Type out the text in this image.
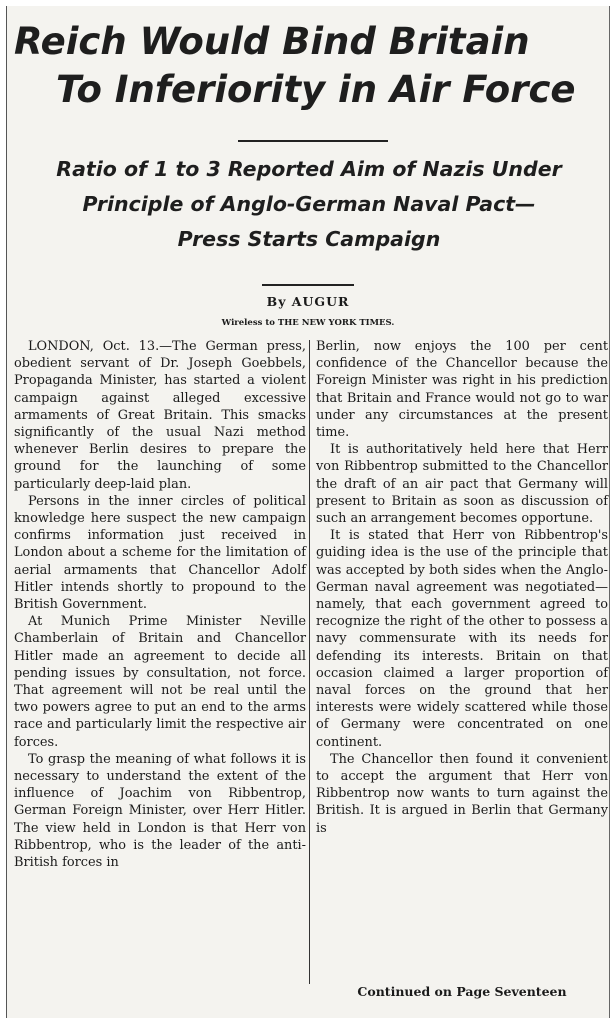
Reich Would Bind Britain
To Inferiority in Air Force
Ratio of 1 to 3 Reported Aim of Nazis Under
Principle of Anglo-German Naval Pact—
Press Starts Campaign
By AUGUR
Wireless to THE NEW YORK TIMES.

LONDON, Oct. 13.—The German press, obedient servant of Dr. Joseph Goebbels, Propaganda Minister, has started a violent campaign against alleged excessive armaments of Great Britain. This smacks significantly of the usual Nazi method whenever Berlin desires to prepare the ground for the launching of some particularly deep-laid plan.

Persons in the inner circles of political knowledge here suspect the new campaign confirms information just received in London about a scheme for the limitation of aerial armaments that Chancellor Adolf Hitler intends shortly to propound to the British Government.

At Munich Prime Minister Neville Chamberlain of Britain and Chancellor Hitler made an agreement to decide all pending issues by consultation, not force. That agreement will not be real until the two powers agree to put an end to the arms race and particularly limit the respective air forces.

To grasp the meaning of what follows it is necessary to understand the extent of the influence of Joachim von Ribbentrop, German Foreign Minister, over Herr Hitler. The view held in London is that Herr von Ribbentrop, who is the leader of the anti-British forces in

Berlin, now enjoys the 100 per cent confidence of the Chancellor because the Foreign Minister was right in his prediction that Britain and France would not go to war under any circumstances at the present time.

It is authoritatively held here that Herr von Ribbentrop submitted to the Chancellor the draft of an air pact that Germany will present to Britain as soon as discussion of such an arrangement becomes opportune.

It is stated that Herr von Ribbentrop's guiding idea is the use of the principle that was accepted by both sides when the Anglo-German naval agreement was negotiated—namely, that each government agreed to recognize the right of the other to possess a navy commensurate with its needs for defending its interests. Britain on that occasion claimed a larger proportion of naval forces on the ground that her interests were widely scattered while those of Germany were concentrated on one continent.

The Chancellor then found it convenient to accept the argument that Herr von Ribbentrop now wants to turn against the British. It is argued in Berlin that Germany is

Continued on Page Seventeen
